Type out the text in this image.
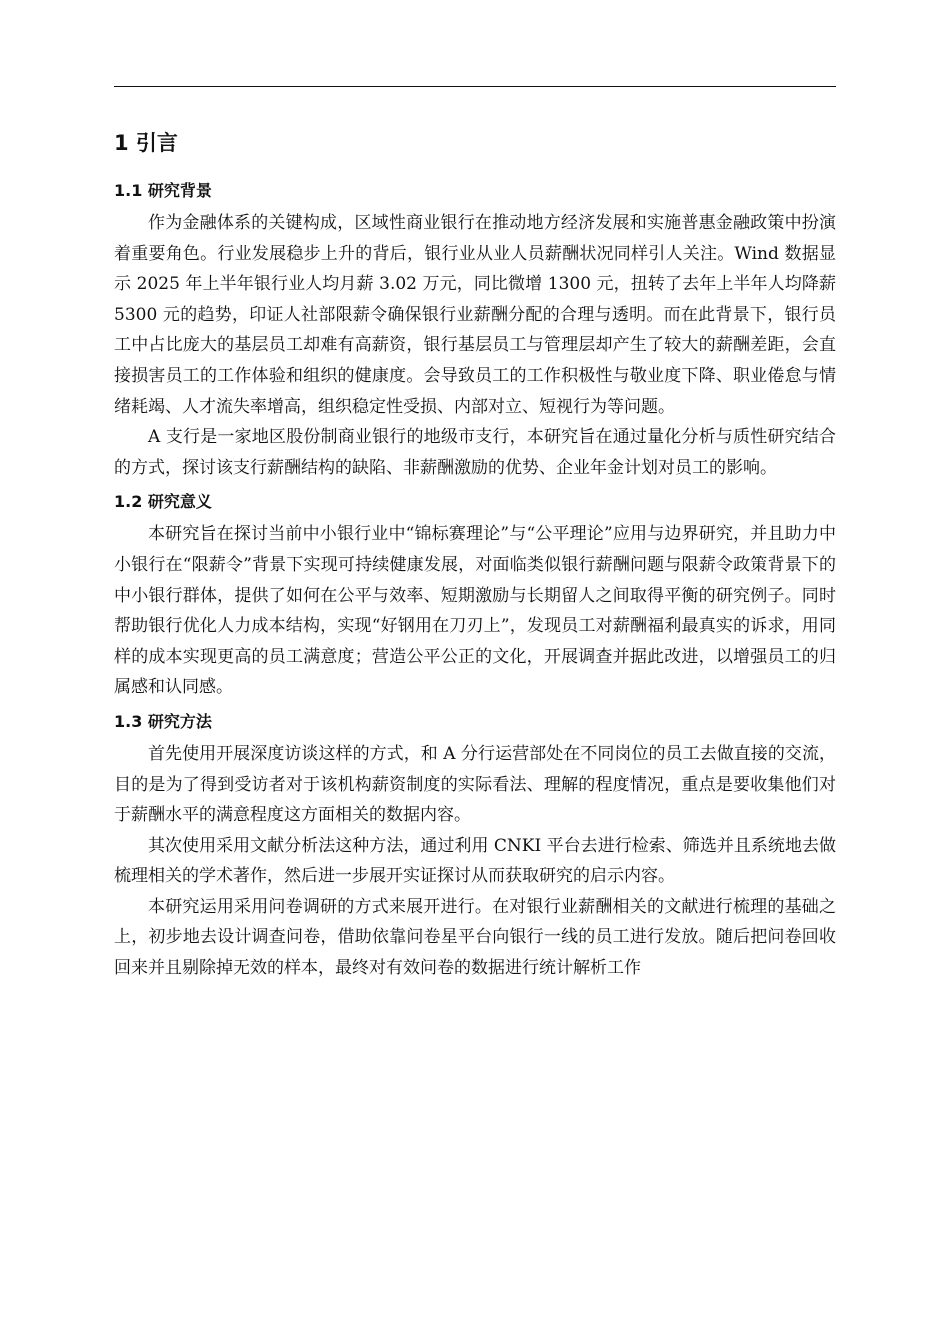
1 引言
1.1 研究背景

作为金融体系的关键构成，区域性商业银行在推动地方经济发展和实施普惠金融政策中扮演着重要角色。行业发展稳步上升的背后，银行业从业人员薪酬状况同样引人关注。Wind 数据显示 2025 年上半年银行业人均月薪 3.02 万元，同比微增 1300 元，扭转了去年上半年人均降薪 5300 元的趋势，印证人社部限薪令确保银行业薪酬分配的合理与透明。而在此背景下，银行员工中占比庞大的基层员工却难有高薪资，银行基层员工与管理层却产生了较大的薪酬差距，会直接损害员工的工作体验和组织的健康度。会导致员工的工作积极性与敬业度下降、职业倦怠与情绪耗竭、人才流失率增高，组织稳定性受损、内部对立、短视行为等问题。

A 支行是一家地区股份制商业银行的地级市支行，本研究旨在通过量化分析与质性研究结合的方式，探讨该支行薪酬结构的缺陷、非薪酬激励的优势、企业年金计划对员工的影响。

1.2 研究意义

本研究旨在探讨当前中小银行业中“锦标赛理论”与“公平理论”应用与边界研究，并且助力中小银行在“限薪令”背景下实现可持续健康发展，对面临类似银行薪酬问题与限薪令政策背景下的中小银行群体，提供了如何在公平与效率、短期激励与长期留人之间取得平衡的研究例子。同时帮助银行优化人力成本结构，实现“好钢用在刀刃上”，发现员工对薪酬福利最真实的诉求，用同样的成本实现更高的员工满意度；营造公平公正的文化，开展调查并据此改进，以增强员工的归属感和认同感。

1.3 研究方法

首先使用开展深度访谈这样的方式，和 A 分行运营部处在不同岗位的员工去做直接的交流，目的是为了得到受访者对于该机构薪资制度的实际看法、理解的程度情况，重点是要收集他们对于薪酬水平的满意程度这方面相关的数据内容。

其次使用采用文献分析法这种方法，通过利用 CNKI 平台去进行检索、筛选并且系统地去做梳理相关的学术著作，然后进一步展开实证探讨从而获取研究的启示内容。

本研究运用采用问卷调研的方式来展开进行。在对银行业薪酬相关的文献进行梳理的基础之上，初步地去设计调查问卷，借助依靠问卷星平台向银行一线的员工进行发放。随后把问卷回收回来并且剔除掉无效的样本，最终对有效问卷的数据进行统计解析工作
